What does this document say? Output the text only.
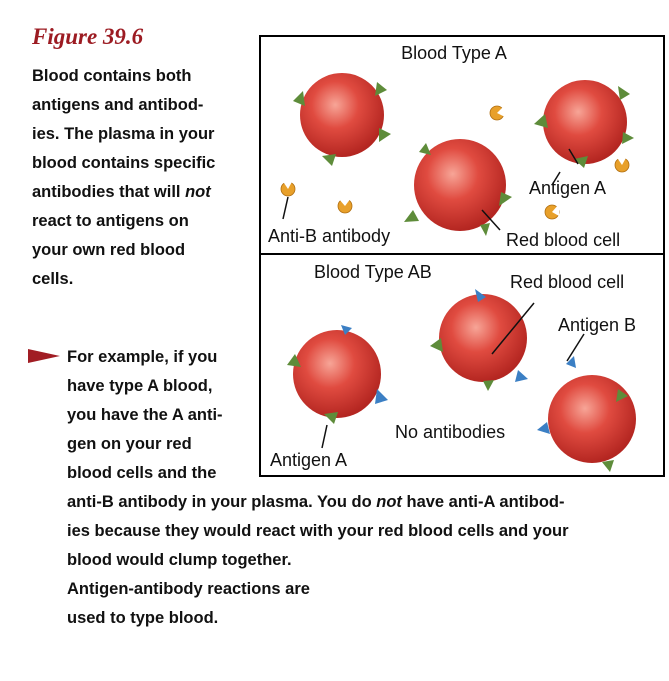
Figure 39.6

Blood contains both
antigens and antibod-
ies. The plasma in your
blood contains specific
antibodies that will not
react to antigens on
your own red blood
cells.

For example, if you
have type A blood,
you have the A anti-
gen on your red
blood cells and the

anti-B antibody in your plasma. You do not have anti-A antibod-
ies because they would react with your red blood cells and your
blood would clump together.
Antigen-antibody reactions are
used to type blood.

Blood Type A
Antigen A
Anti-B antibody	Red blood cell
Blood Type AB	Red blood cell
Antigen B
No antibodies
Antigen A
